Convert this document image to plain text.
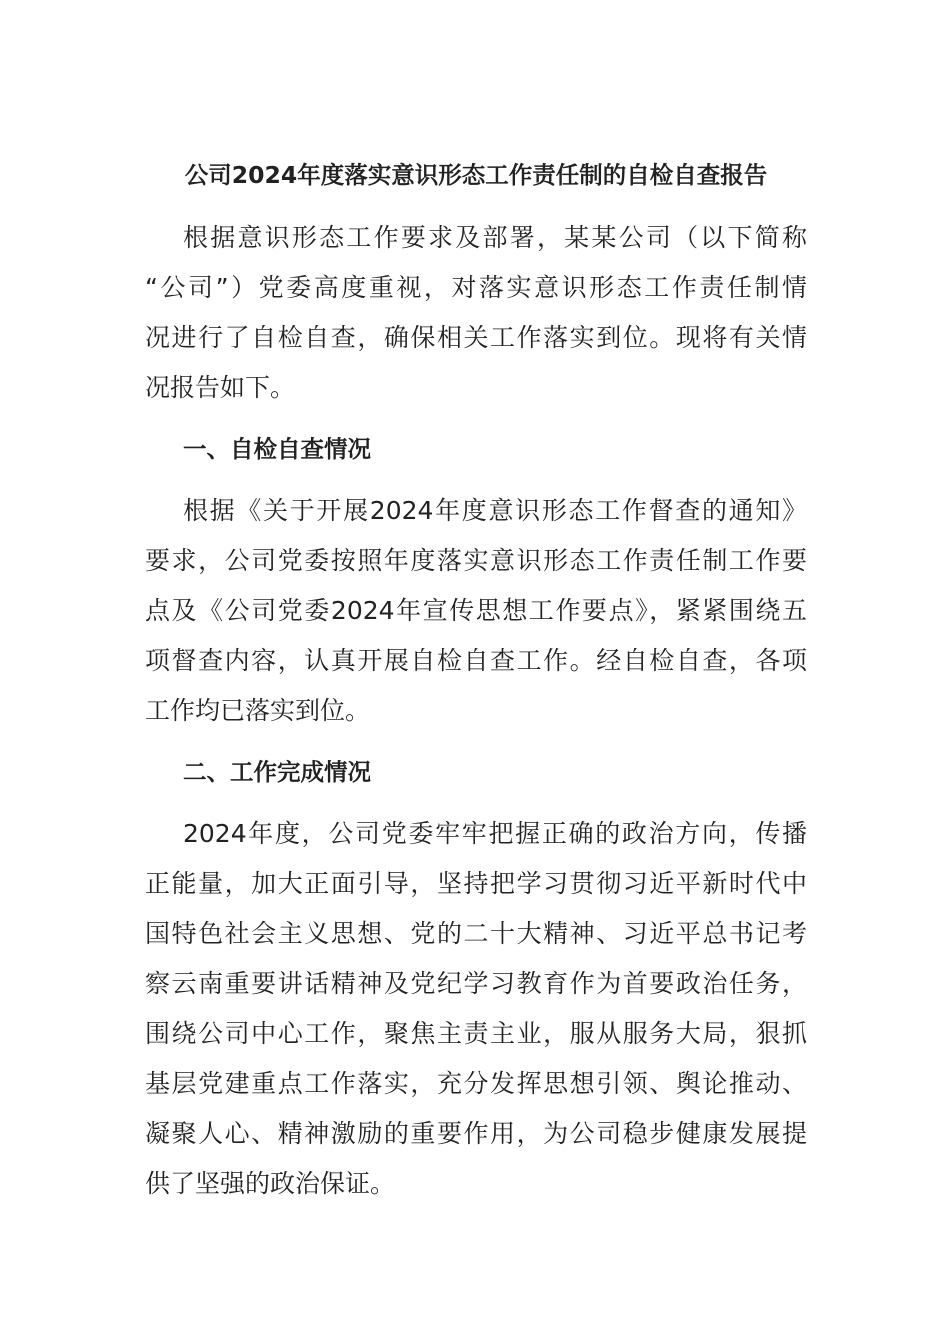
公司2024年度落实意识形态工作责任制的自检自查报告
根据意识形态工作要求及部署，某某公司（以下简称
“公司”）党委高度重视，对落实意识形态工作责任制情
况进行了自检自查，确保相关工作落实到位。现将有关情
况报告如下。
一、自检自查情况
根据《关于开展2024年度意识形态工作督查的通知》
要求，公司党委按照年度落实意识形态工作责任制工作要
点及《公司党委2024年宣传思想工作要点》，紧紧围绕五
项督查内容，认真开展自检自查工作。经自检自查，各项
工作均已落实到位。
二、工作完成情况
2024年度，公司党委牢牢把握正确的政治方向，传播
正能量，加大正面引导，坚持把学习贯彻习近平新时代中
国特色社会主义思想、党的二十大精神、习近平总书记考
察云南重要讲话精神及党纪学习教育作为首要政治任务，
围绕公司中心工作，聚焦主责主业，服从服务大局，狠抓
基层党建重点工作落实，充分发挥思想引领、舆论推动、
凝聚人心、精神激励的重要作用，为公司稳步健康发展提
供了坚强的政治保证。
